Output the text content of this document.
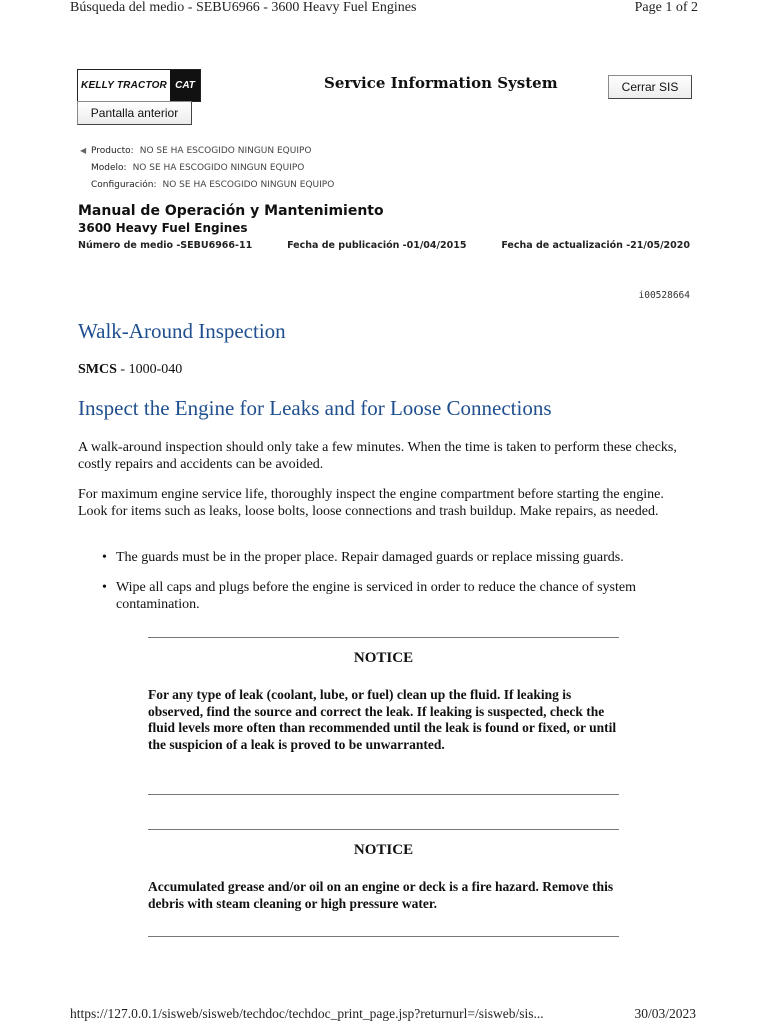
Búsqueda del medio - SEBU6966 - 3600 Heavy Fuel Engines	Page 1 of 2
KELLY TRACTOR CAT
Pantalla anterior
Service Information System	Cerrar SIS
◀ Producto: NO SE HA ESCOGIDO NINGUN EQUIPO
Modelo: NO SE HA ESCOGIDO NINGUN EQUIPO
Configuración: NO SE HA ESCOGIDO NINGUN EQUIPO
Manual de Operación y Mantenimiento
3600 Heavy Fuel Engines
Número de medio -SEBU6966-11	Fecha de publicación -01/04/2015	Fecha de actualización -21/05/2020
i00528664
Walk-Around Inspection
SMCS - 1000-040
Inspect the Engine for Leaks and for Loose Connections
A walk-around inspection should only take a few minutes. When the time is taken to perform these checks, costly repairs and accidents can be avoided.
For maximum engine service life, thoroughly inspect the engine compartment before starting the engine. Look for items such as leaks, loose bolts, loose connections and trash buildup. Make repairs, as needed.
• The guards must be in the proper place. Repair damaged guards or replace missing guards.
• Wipe all caps and plugs before the engine is serviced in order to reduce the chance of system contamination.
NOTICE
For any type of leak (coolant, lube, or fuel) clean up the fluid. If leaking is observed, find the source and correct the leak. If leaking is suspected, check the fluid levels more often than recommended until the leak is found or fixed, or until the suspicion of a leak is proved to be unwarranted.
NOTICE
Accumulated grease and/or oil on an engine or deck is a fire hazard. Remove this debris with steam cleaning or high pressure water.
https://127.0.0.1/sisweb/sisweb/techdoc/techdoc_print_page.jsp?returnurl=/sisweb/sis...	30/03/2023
